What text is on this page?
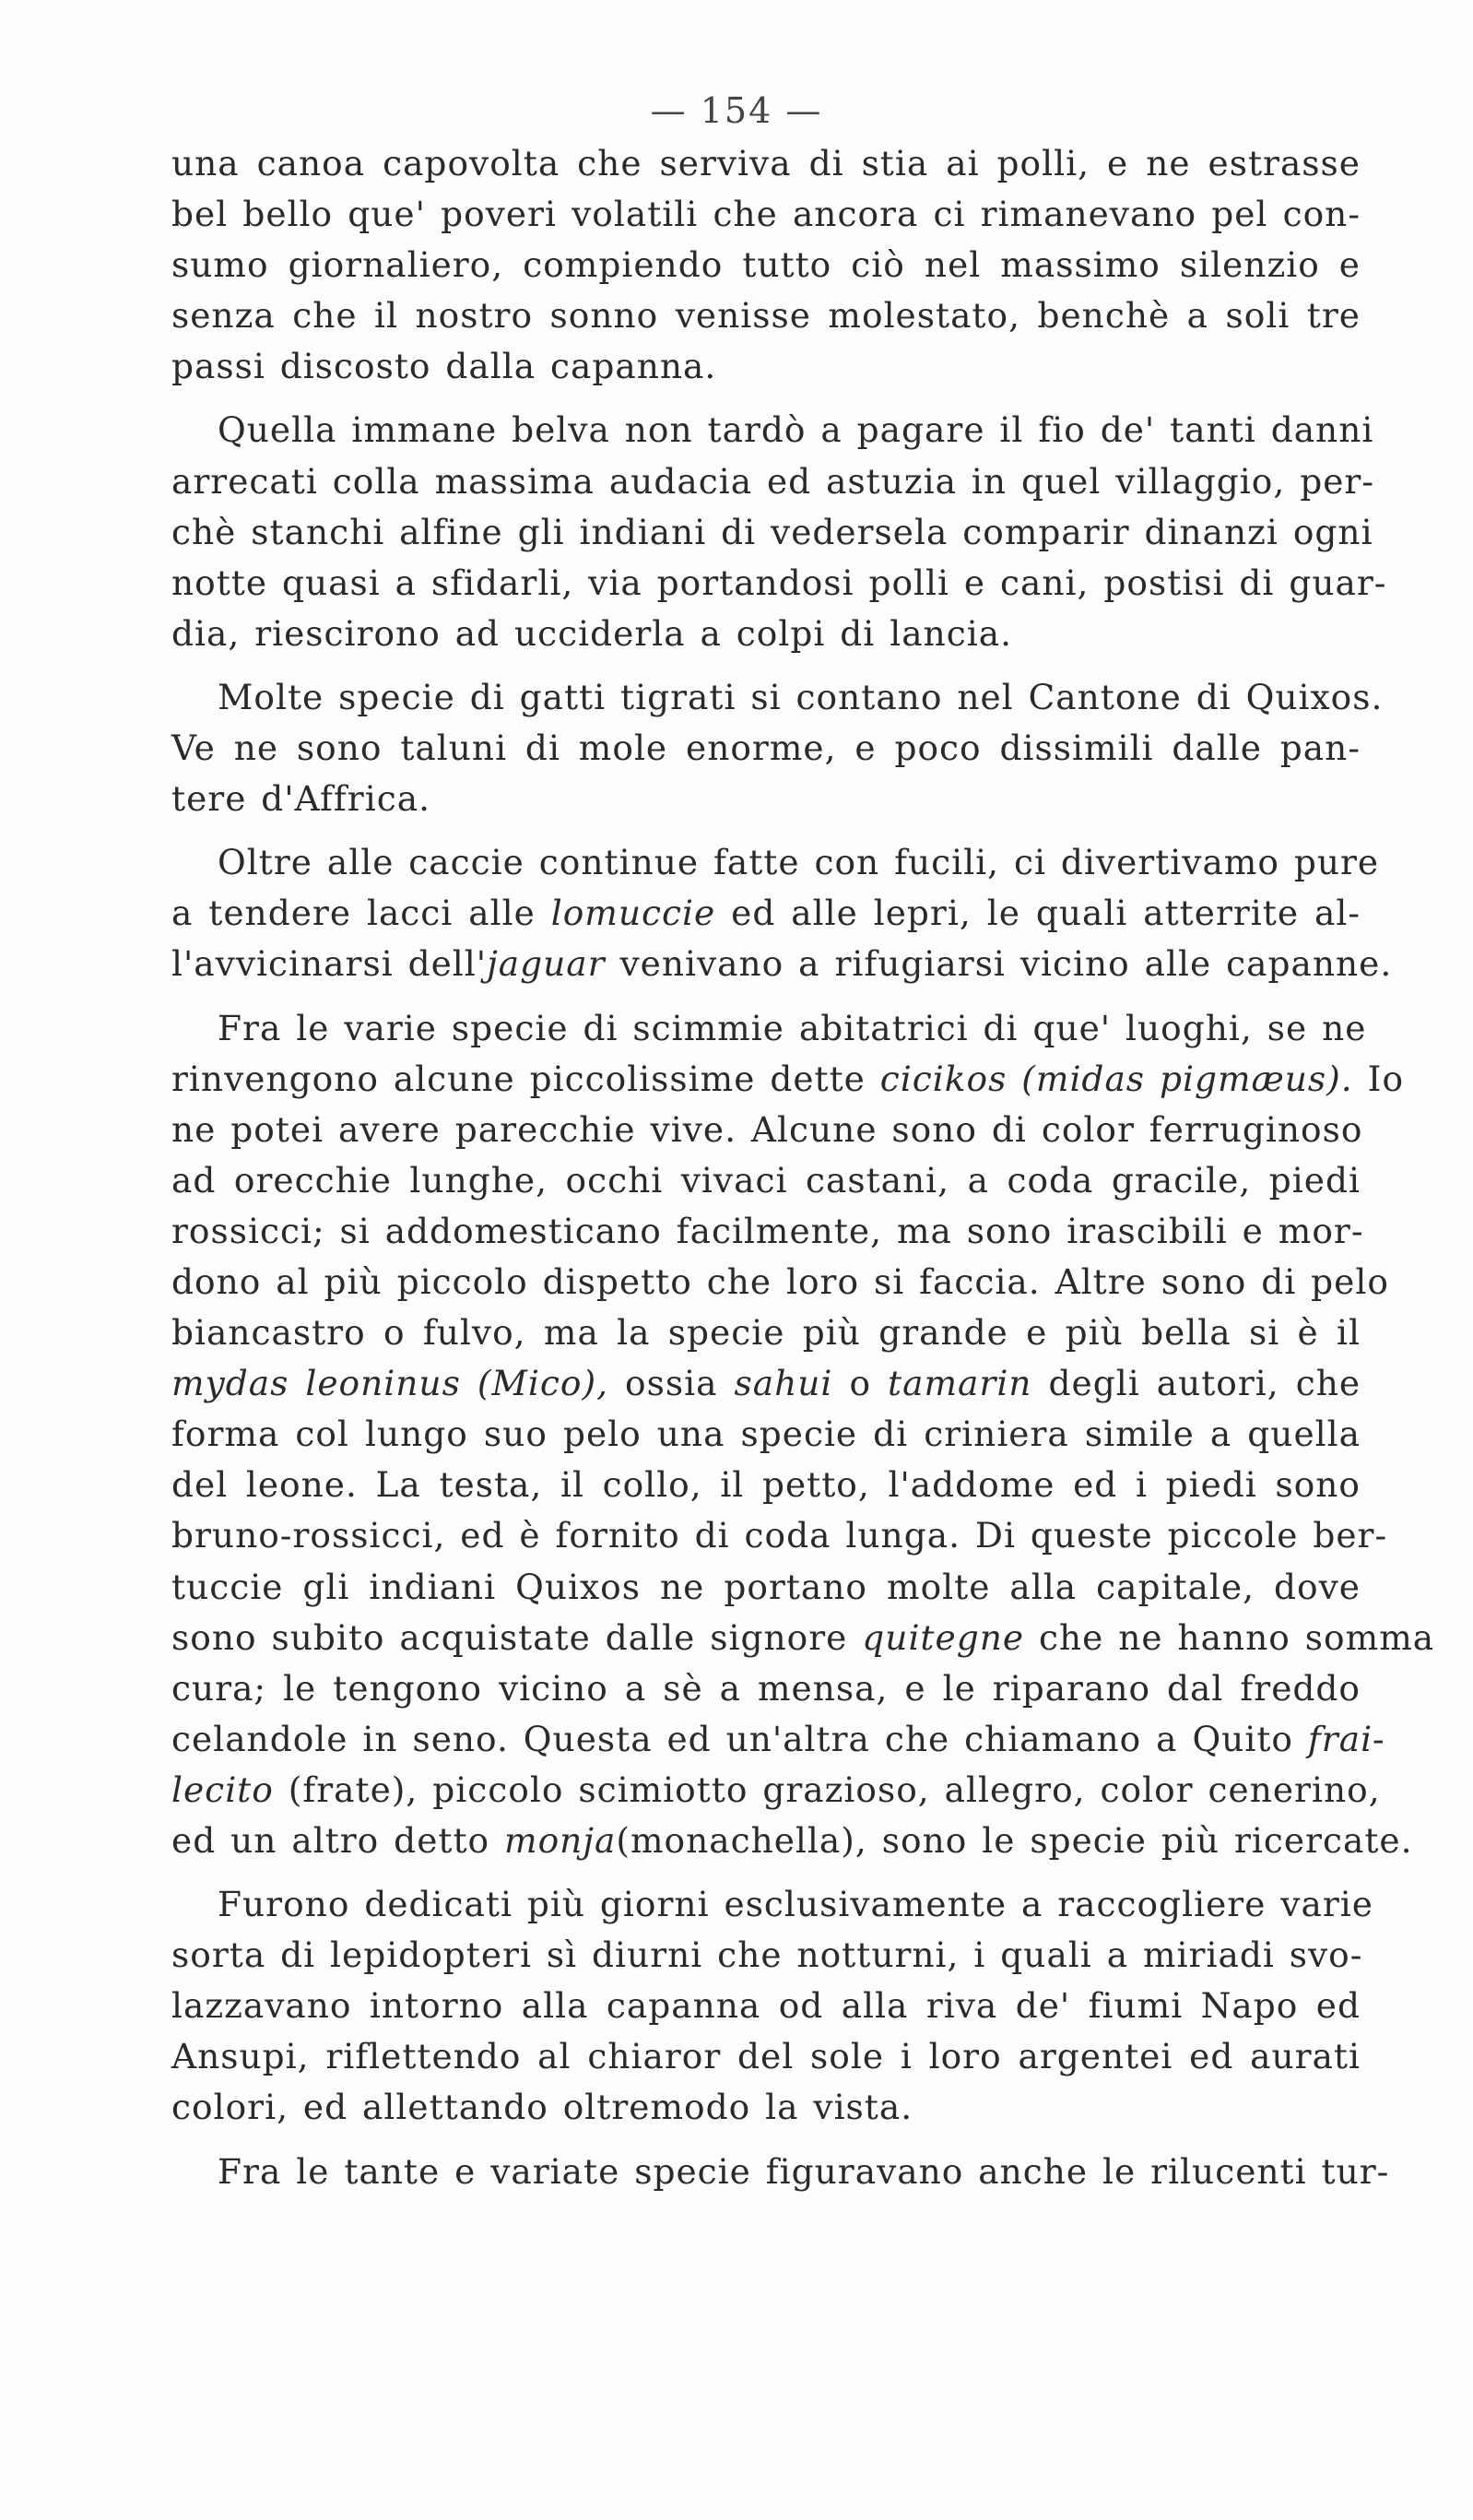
— 154 —
una canoa capovolta che serviva di stia ai polli, e ne estrasse
bel bello que' poveri volatili che ancora ci rimanevano pel con-
sumo giornaliero, compiendo tutto ciò nel massimo silenzio e
senza che il nostro sonno venisse molestato, benchè a soli tre
passi discosto dalla capanna.
Quella immane belva non tardò a pagare il fio de' tanti danni
arrecati colla massima audacia ed astuzia in quel villaggio, per-
chè stanchi alfine gli indiani di vedersela comparir dinanzi ogni
notte quasi a sfidarli, via portandosi polli e cani, postisi di guar-
dia, riescirono ad ucciderla a colpi di lancia.
Molte specie di gatti tigrati si contano nel Cantone di Quixos.
Ve ne sono taluni di mole enorme, e poco dissimili dalle pan-
tere d'Affrica.
Oltre alle caccie continue fatte con fucili, ci divertivamo pure
a tendere lacci alle lomuccie ed alle lepri, le quali atterrite al-
l'avvicinarsi dell'jaguar venivano a rifugiarsi vicino alle capanne.
Fra le varie specie di scimmie abitatrici di que' luoghi, se ne
rinvengono alcune piccolissime dette cicikos (midas pigmæus). Io
ne potei avere parecchie vive. Alcune sono di color ferruginoso
ad orecchie lunghe, occhi vivaci castani, a coda gracile, piedi
rossicci; si addomesticano facilmente, ma sono irascibili e mor-
dono al più piccolo dispetto che loro si faccia. Altre sono di pelo
biancastro o fulvo, ma la specie più grande e più bella si è il
mydas leoninus (Mico), ossia sahui o tamarin degli autori, che
forma col lungo suo pelo una specie di criniera simile a quella
del leone. La testa, il collo, il petto, l'addome ed i piedi sono
bruno-rossicci, ed è fornito di coda lunga. Di queste piccole ber-
tuccie gli indiani Quixos ne portano molte alla capitale, dove
sono subito acquistate dalle signore quitegne che ne hanno somma
cura; le tengono vicino a sè a mensa, e le riparano dal freddo
celandole in seno. Questa ed un'altra che chiamano a Quito frai-
lecito (frate), piccolo scimiotto grazioso, allegro, color cenerino,
ed un altro detto monja(monachella), sono le specie più ricercate.
Furono dedicati più giorni esclusivamente a raccogliere varie
sorta di lepidopteri sì diurni che notturni, i quali a miriadi svo-
lazzavano intorno alla capanna od alla riva de' fiumi Napo ed
Ansupi, riflettendo al chiaror del sole i loro argentei ed aurati
colori, ed allettando oltremodo la vista.
Fra le tante e variate specie figuravano anche le rilucenti tur-
